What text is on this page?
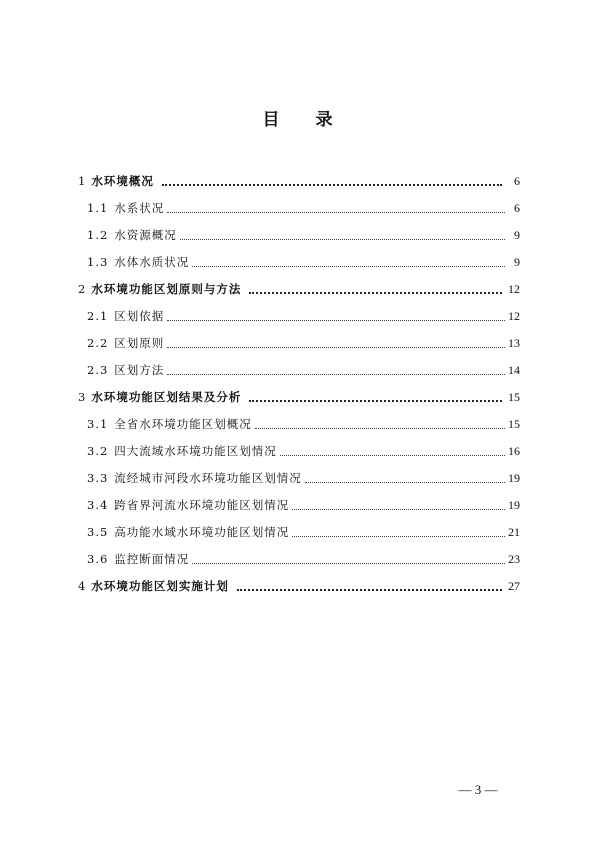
目 录
1 水环境概况	6
1.1 水系状况	6
1.2 水资源概况	9
1.3 水体水质状况	9
2 水环境功能区划原则与方法	12
2.1 区划依据	12
2.2 区划原则	13
2.3 区划方法	14
3 水环境功能区划结果及分析	15
3.1 全省水环境功能区划概况	15
3.2 四大流域水环境功能区划情况	16
3.3 流经城市河段水环境功能区划情况	19
3.4 跨省界河流水环境功能区划情况	19
3.5 高功能水域水环境功能区划情况	21
3.6 监控断面情况	23
4 水环境功能区划实施计划	27
— 3 —
